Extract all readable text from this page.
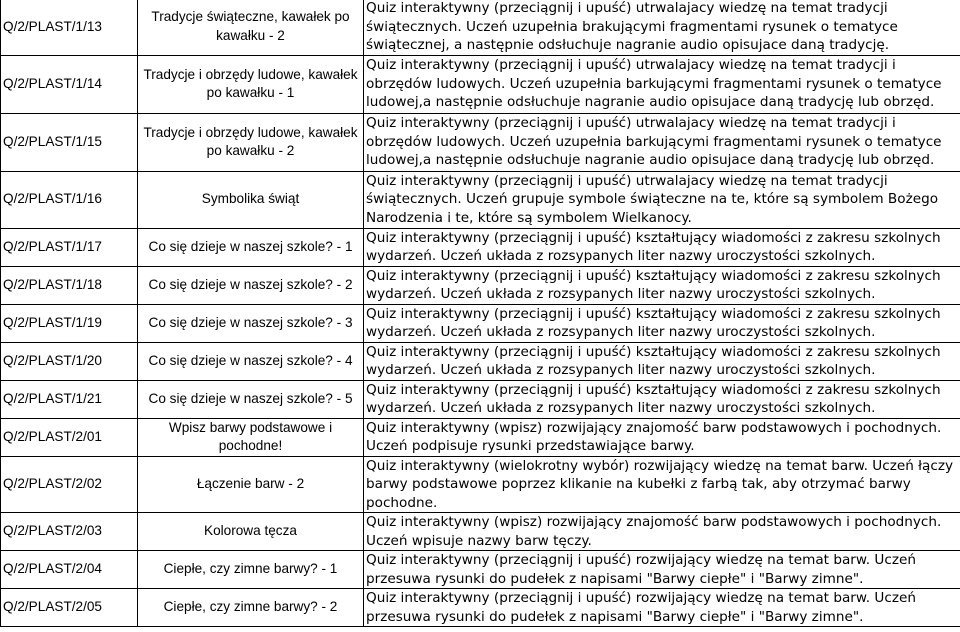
Q/2/PLAST/1/13	Tradycje świąteczne, kawałek po kawałku - 2	Quiz interaktywny (przeciągnij i upuść) utrwalajacy wiedzę na temat tradycji świątecznych. Uczeń uzupełnia brakującymi fragmentami rysunek o tematyce świątecznej, a następnie odsłuchuje nagranie audio opisujace daną tradycję.
Q/2/PLAST/1/14	Tradycje i obrzędy ludowe, kawałek po kawałku - 1	Quiz interaktywny (przeciągnij i upuść) utrwalajacy wiedzę na temat tradycji i obrzędów ludowych. Uczeń uzupełnia barkującymi fragmentami rysunek o tematyce ludowej,a następnie odsłuchuje nagranie audio opisujace daną tradycję lub obrzęd.
Q/2/PLAST/1/15	Tradycje i obrzędy ludowe, kawałek po kawałku - 2	Quiz interaktywny (przeciągnij i upuść) utrwalajacy wiedzę na temat tradycji i obrzędów ludowych. Uczeń uzupełnia barkującymi fragmentami rysunek o tematyce ludowej,a następnie odsłuchuje nagranie audio opisujace daną tradycję lub obrzęd.
Q/2/PLAST/1/16	Symbolika świąt	Quiz interaktywny (przeciągnij i upuść) utrwalajacy wiedzę na temat tradycji świątecznych. Uczeń grupuje symbole świąteczne na te, które są symbolem Bożego Narodzenia i te, które są symbolem Wielkanocy.
Q/2/PLAST/1/17	Co się dzieje w naszej szkole? - 1	Quiz interaktywny (przeciągnij i upuść) kształtujący wiadomości z zakresu szkolnych wydarzeń. Uczeń układa z rozsypanych liter nazwy uroczystości szkolnych.
Q/2/PLAST/1/18	Co się dzieje w naszej szkole? - 2	Quiz interaktywny (przeciągnij i upuść) kształtujący wiadomości z zakresu szkolnych wydarzeń. Uczeń układa z rozsypanych liter nazwy uroczystości szkolnych.
Q/2/PLAST/1/19	Co się dzieje w naszej szkole? - 3	Quiz interaktywny (przeciągnij i upuść) kształtujący wiadomości z zakresu szkolnych wydarzeń. Uczeń układa z rozsypanych liter nazwy uroczystości szkolnych.
Q/2/PLAST/1/20	Co się dzieje w naszej szkole? - 4	Quiz interaktywny (przeciągnij i upuść) kształtujący wiadomości z zakresu szkolnych wydarzeń. Uczeń układa z rozsypanych liter nazwy uroczystości szkolnych.
Q/2/PLAST/1/21	Co się dzieje w naszej szkole? - 5	Quiz interaktywny (przeciągnij i upuść) kształtujący wiadomości z zakresu szkolnych wydarzeń. Uczeń układa z rozsypanych liter nazwy uroczystości szkolnych.
Q/2/PLAST/2/01	Wpisz barwy podstawowe i pochodne!	Quiz interaktywny (wpisz) rozwijający znajomość barw podstawowych i pochodnych. Uczeń podpisuje rysunki przedstawiające barwy.
Q/2/PLAST/2/02	Łączenie barw - 2	Quiz interaktywny (wielokrotny wybór) rozwijający wiedzę na temat barw. Uczeń łączy barwy podstawowe poprzez klikanie na kubełki z farbą tak, aby otrzymać barwy pochodne.
Q/2/PLAST/2/03	Kolorowa tęcza	Quiz interaktywny (wpisz) rozwijający znajomość barw podstawowych i pochodnych. Uczeń wpisuje nazwy barw tęczy.
Q/2/PLAST/2/04	Ciepłe, czy zimne barwy? - 1	Quiz interaktywny (przeciągnij i upuść) rozwijający wiedzę na temat barw. Uczeń przesuwa rysunki do pudełek z napisami "Barwy ciepłe" i "Barwy zimne".
Q/2/PLAST/2/05	Ciepłe, czy zimne barwy? - 2	Quiz interaktywny (przeciągnij i upuść) rozwijający wiedzę na temat barw. Uczeń przesuwa rysunki do pudełek z napisami "Barwy ciepłe" i "Barwy zimne".
